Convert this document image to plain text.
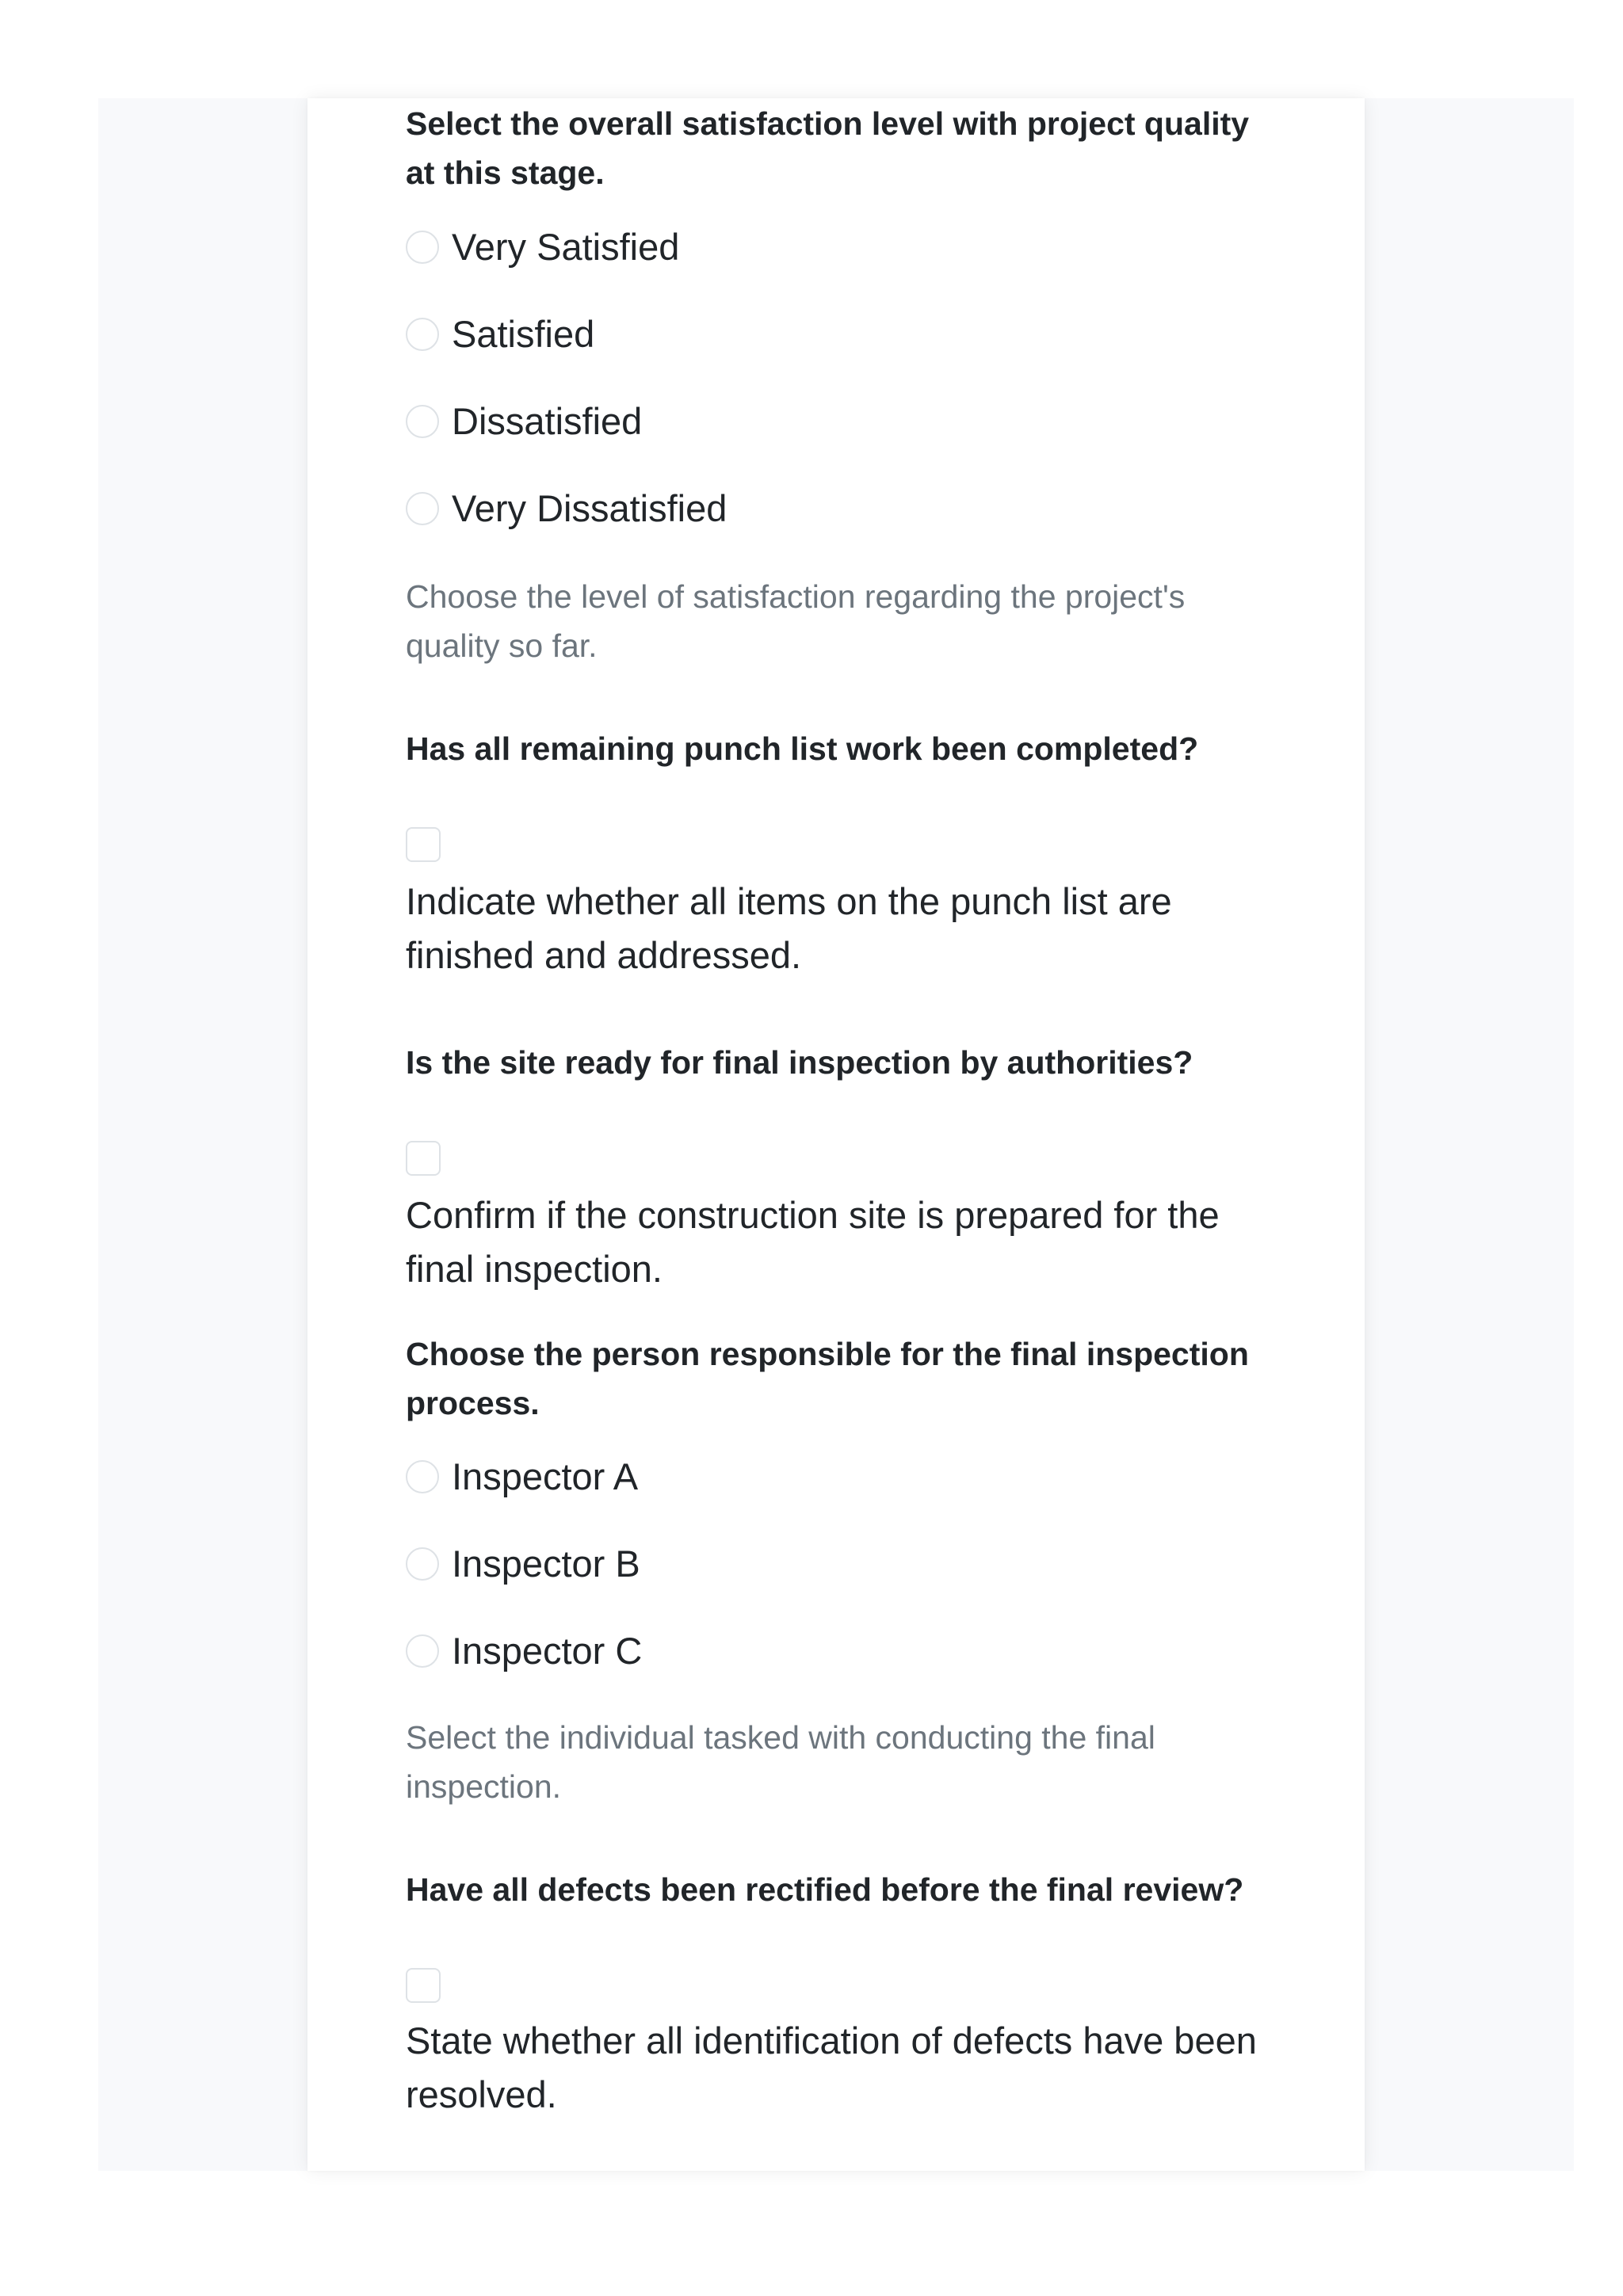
Select the overall satisfaction level with project quality at this stage.

Very Satisfied
Satisfied
Dissatisfied
Very Dissatisfied

Choose the level of satisfaction regarding the project's quality so far.

Has all remaining punch list work been completed?

Indicate whether all items on the punch list are finished and addressed.

Is the site ready for final inspection by authorities?

Confirm if the construction site is prepared for the final inspection.

Choose the person responsible for the final inspection process.

Inspector A
Inspector B
Inspector C

Select the individual tasked with conducting the final inspection.

Have all defects been rectified before the final review?

State whether all identification of defects have been resolved.
